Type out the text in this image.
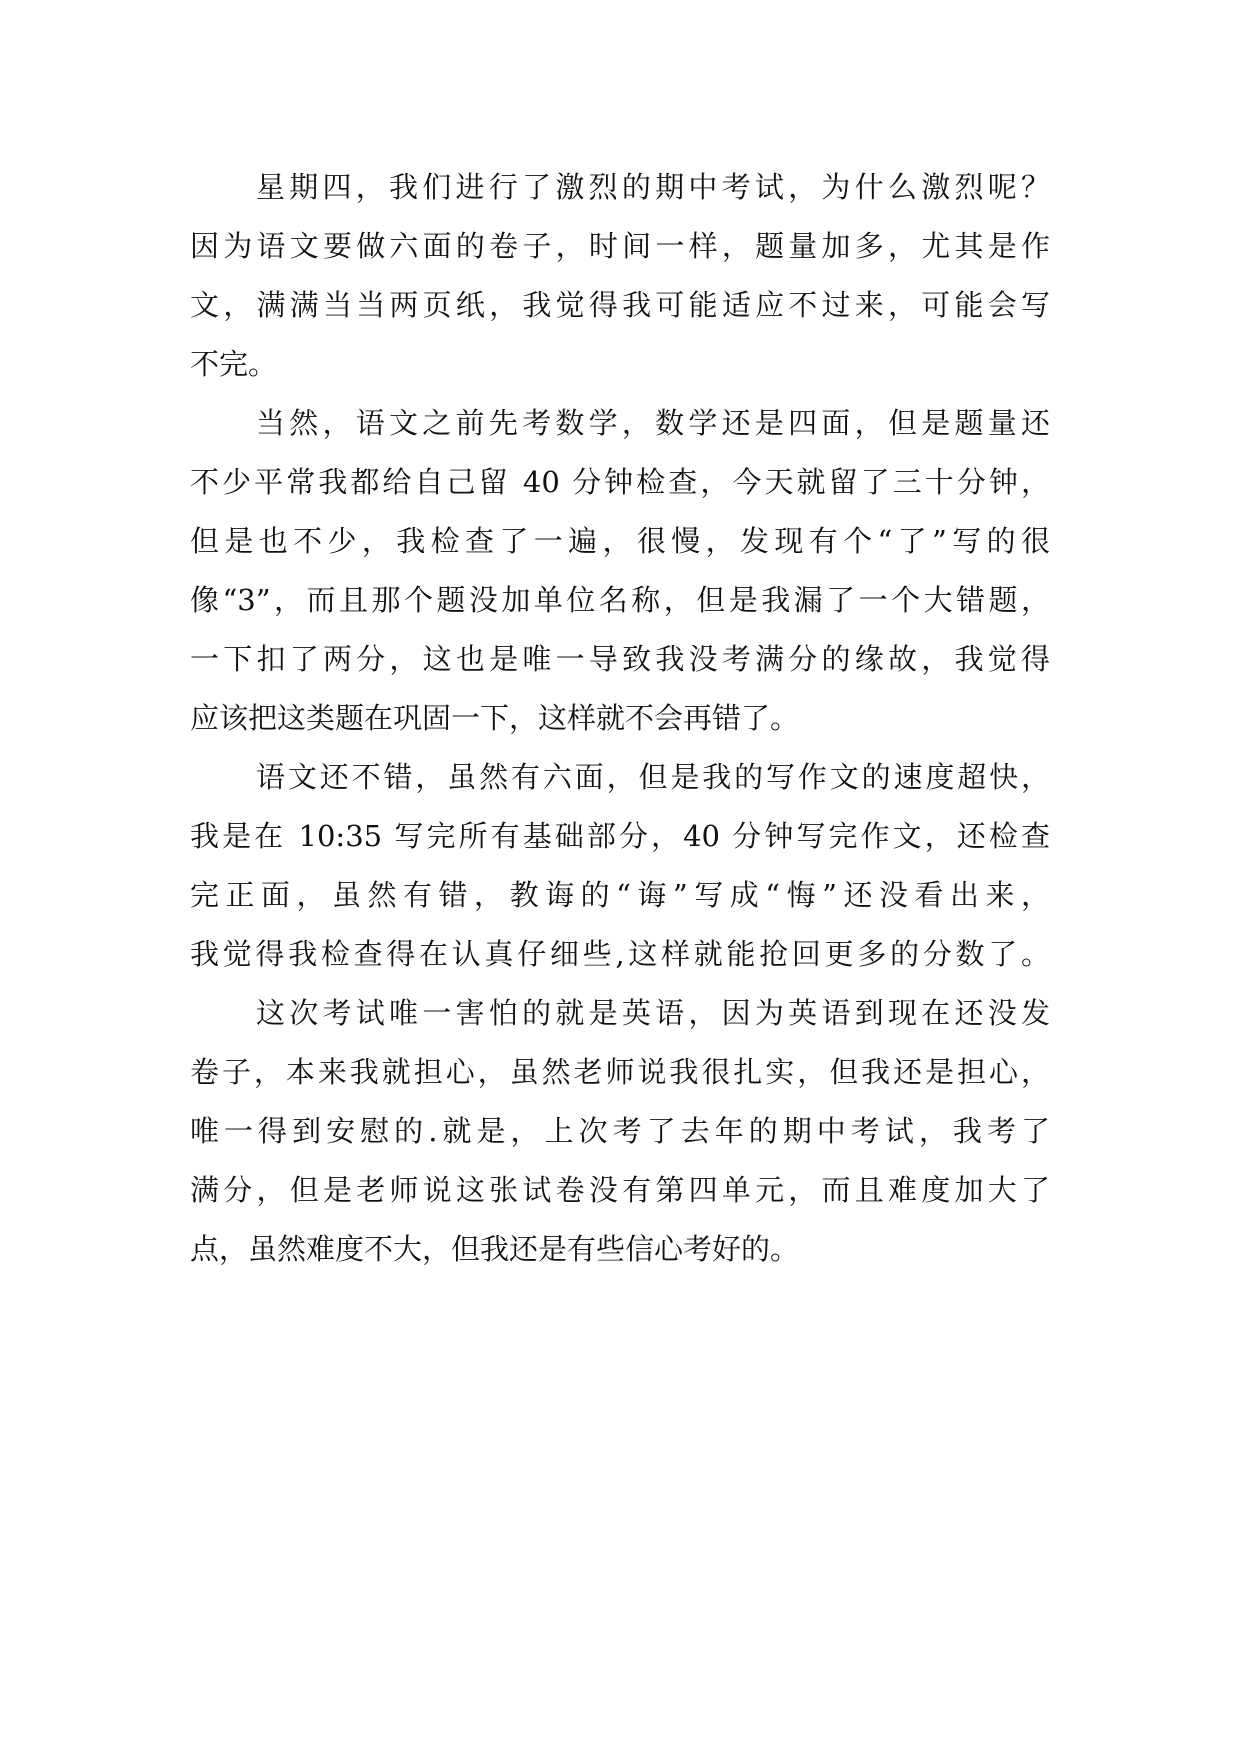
星期四，我们进行了激烈的期中考试，为什么激烈呢？
因为语文要做六面的卷子，时间一样，题量加多，尤其是作
文，满满当当两页纸，我觉得我可能适应不过来，可能会写
不完。
当然，语文之前先考数学，数学还是四面，但是题量还
不少平常我都给自己留 40 分钟检查，今天就留了三十分钟，
但是也不少，我检查了一遍，很慢，发现有个“了”写的很
像“3”，而且那个题没加单位名称，但是我漏了一个大错题，
一下扣了两分，这也是唯一导致我没考满分的缘故，我觉得
应该把这类题在巩固一下，这样就不会再错了。
语文还不错，虽然有六面，但是我的写作文的速度超快，
我是在 10:35 写完所有基础部分，40 分钟写完作文，还检查
完正面，虽然有错，教诲的“诲”写成“悔”还没看出来，
我觉得我检查得在认真仔细些,这样就能抢回更多的分数了。
这次考试唯一害怕的就是英语，因为英语到现在还没发
卷子，本来我就担心，虽然老师说我很扎实，但我还是担心，
唯一得到安慰的.就是，上次考了去年的期中考试，我考了
满分，但是老师说这张试卷没有第四单元，而且难度加大了
点，虽然难度不大，但我还是有些信心考好的。
